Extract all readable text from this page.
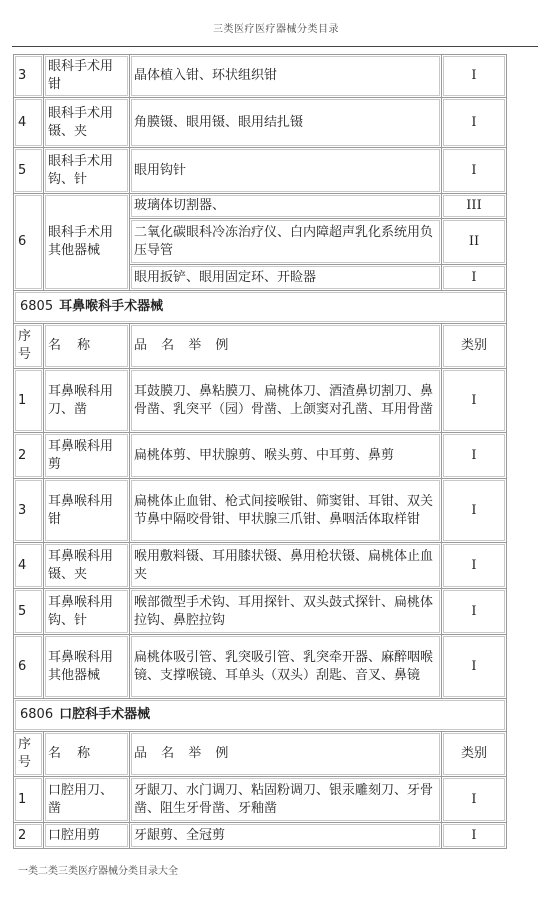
三类医疗医疗器械分类目录
3	眼科手术用钳	晶体植入钳、环状组织钳	I
4	眼科手术用镊、夹	角膜镊、眼用镊、眼用结扎镊	I
5	眼科手术用钩、针	眼用钩针	I
6	眼科手术用其他器械	玻璃体切割器、	III
		二氧化碳眼科冷冻治疗仪、白内障超声乳化系统用负压导管	II
		眼用扳铲、眼用固定环、开睑器	I
6805 耳鼻喉科手术器械			
序号	名 称	品 名 举 例	类别
1	耳鼻喉科用刀、凿	耳鼓膜刀、鼻粘膜刀、扁桃体刀、酒渣鼻切割刀、鼻骨凿、乳突平（园）骨凿、上颌窦对孔凿、耳用骨凿	I
2	耳鼻喉科用剪	扁桃体剪、甲状腺剪、喉头剪、中耳剪、鼻剪	I
3	耳鼻喉科用钳	扁桃体止血钳、枪式间接喉钳、筛窦钳、耳钳、双关节鼻中隔咬骨钳、甲状腺三爪钳、鼻咽活体取样钳	I
4	耳鼻喉科用镊、夹	喉用敷料镊、耳用膝状镊、鼻用枪状镊、扁桃体止血夹	I
5	耳鼻喉科用钩、针	喉部微型手术钩、耳用探针、双头鼓式探针、扁桃体拉钩、鼻腔拉钩	I
6	耳鼻喉科用其他器械	扁桃体吸引管、乳突吸引管、乳突牵开器、麻醉咽喉镜、支撑喉镜、耳单头（双头）刮匙、音叉、鼻镜	I
6806 口腔科手术器械			
序号	名 称	品 名 举 例	类别
1	口腔用刀、凿	牙龈刀、水门调刀、粘固粉调刀、银汞雕刻刀、牙骨凿、阻生牙骨凿、牙釉凿	I
2	口腔用剪	牙龈剪、全冠剪	I
一类二类三类医疗器械分类目录大全
